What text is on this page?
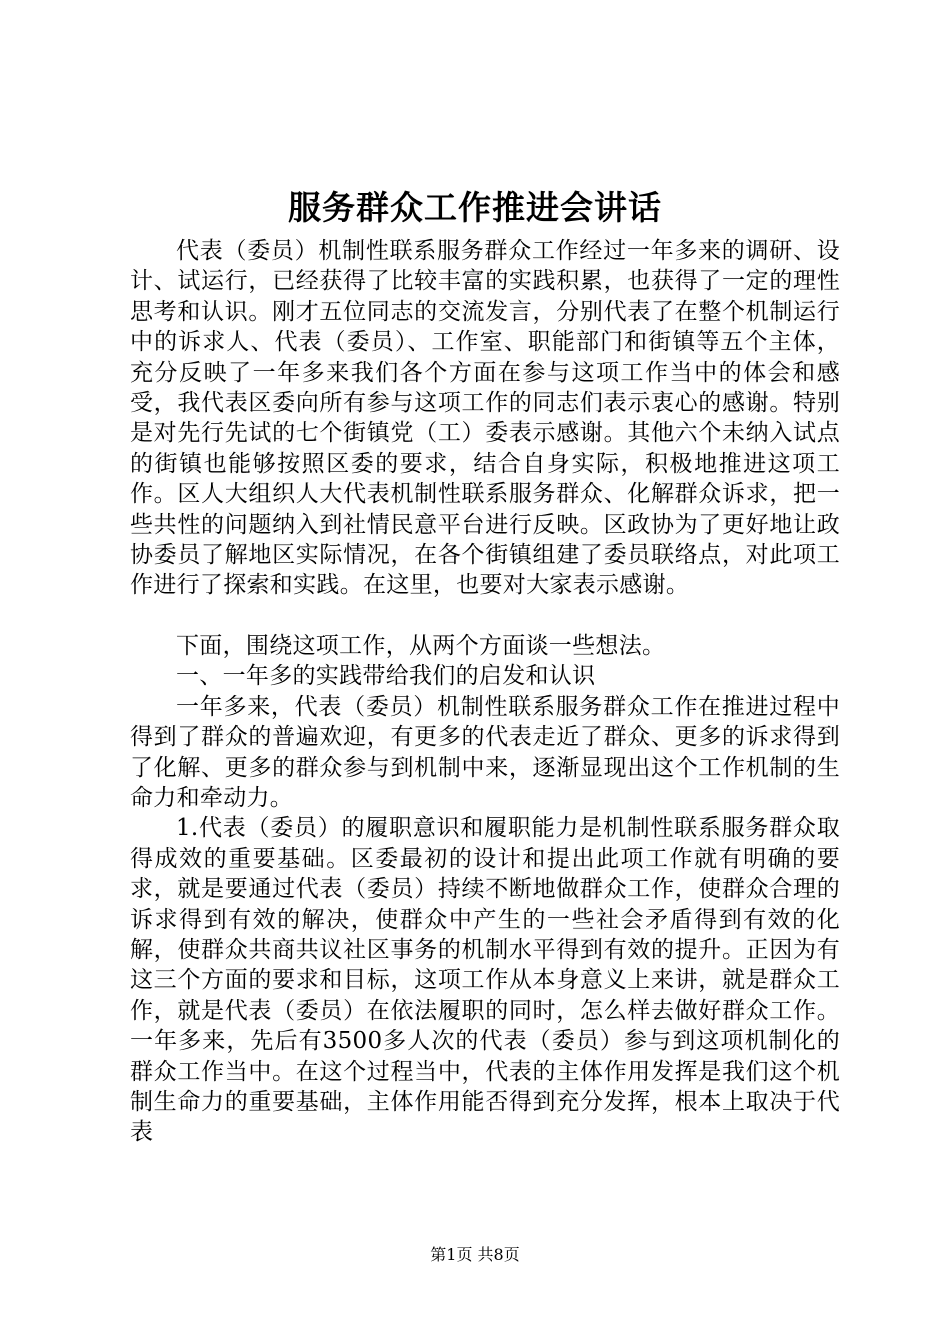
服务群众工作推进会讲话

代表（委员）机制性联系服务群众工作经过一年多来的调研、设计、试运行，已经获得了比较丰富的实践积累，也获得了一定的理性思考和认识。刚才五位同志的交流发言，分别代表了在整个机制运行中的诉求人、代表（委员）、工作室、职能部门和街镇等五个主体，充分反映了一年多来我们各个方面在参与这项工作当中的体会和感受，我代表区委向所有参与这项工作的同志们表示衷心的感谢。特别是对先行先试的七个街镇党（工）委表示感谢。其他六个未纳入试点的街镇也能够按照区委的要求，结合自身实际，积极地推进这项工作。区人大组织人大代表机制性联系服务群众、化解群众诉求，把一些共性的问题纳入到社情民意平台进行反映。区政协为了更好地让政协委员了解地区实际情况，在各个街镇组建了委员联络点，对此项工作进行了探索和实践。在这里，也要对大家表示感谢。

下面，围绕这项工作，从两个方面谈一些想法。

一、一年多的实践带给我们的启发和认识

一年多来，代表（委员）机制性联系服务群众工作在推进过程中得到了群众的普遍欢迎，有更多的代表走近了群众、更多的诉求得到了化解、更多的群众参与到机制中来，逐渐显现出这个工作机制的生命力和牵动力。

1.代表（委员）的履职意识和履职能力是机制性联系服务群众取得成效的重要基础。区委最初的设计和提出此项工作就有明确的要求，就是要通过代表（委员）持续不断地做群众工作，使群众合理的诉求得到有效的解决，使群众中产生的一些社会矛盾得到有效的化解，使群众共商共议社区事务的机制水平得到有效的提升。正因为有这三个方面的要求和目标，这项工作从本身意义上来讲，就是群众工作，就是代表（委员）在依法履职的同时，怎么样去做好群众工作。一年多来，先后有3500多人次的代表（委员）参与到这项机制化的群众工作当中。在这个过程当中，代表的主体作用发挥是我们这个机制生命力的重要基础，主体作用能否得到充分发挥，根本上取决于代表

第1页 共8页
